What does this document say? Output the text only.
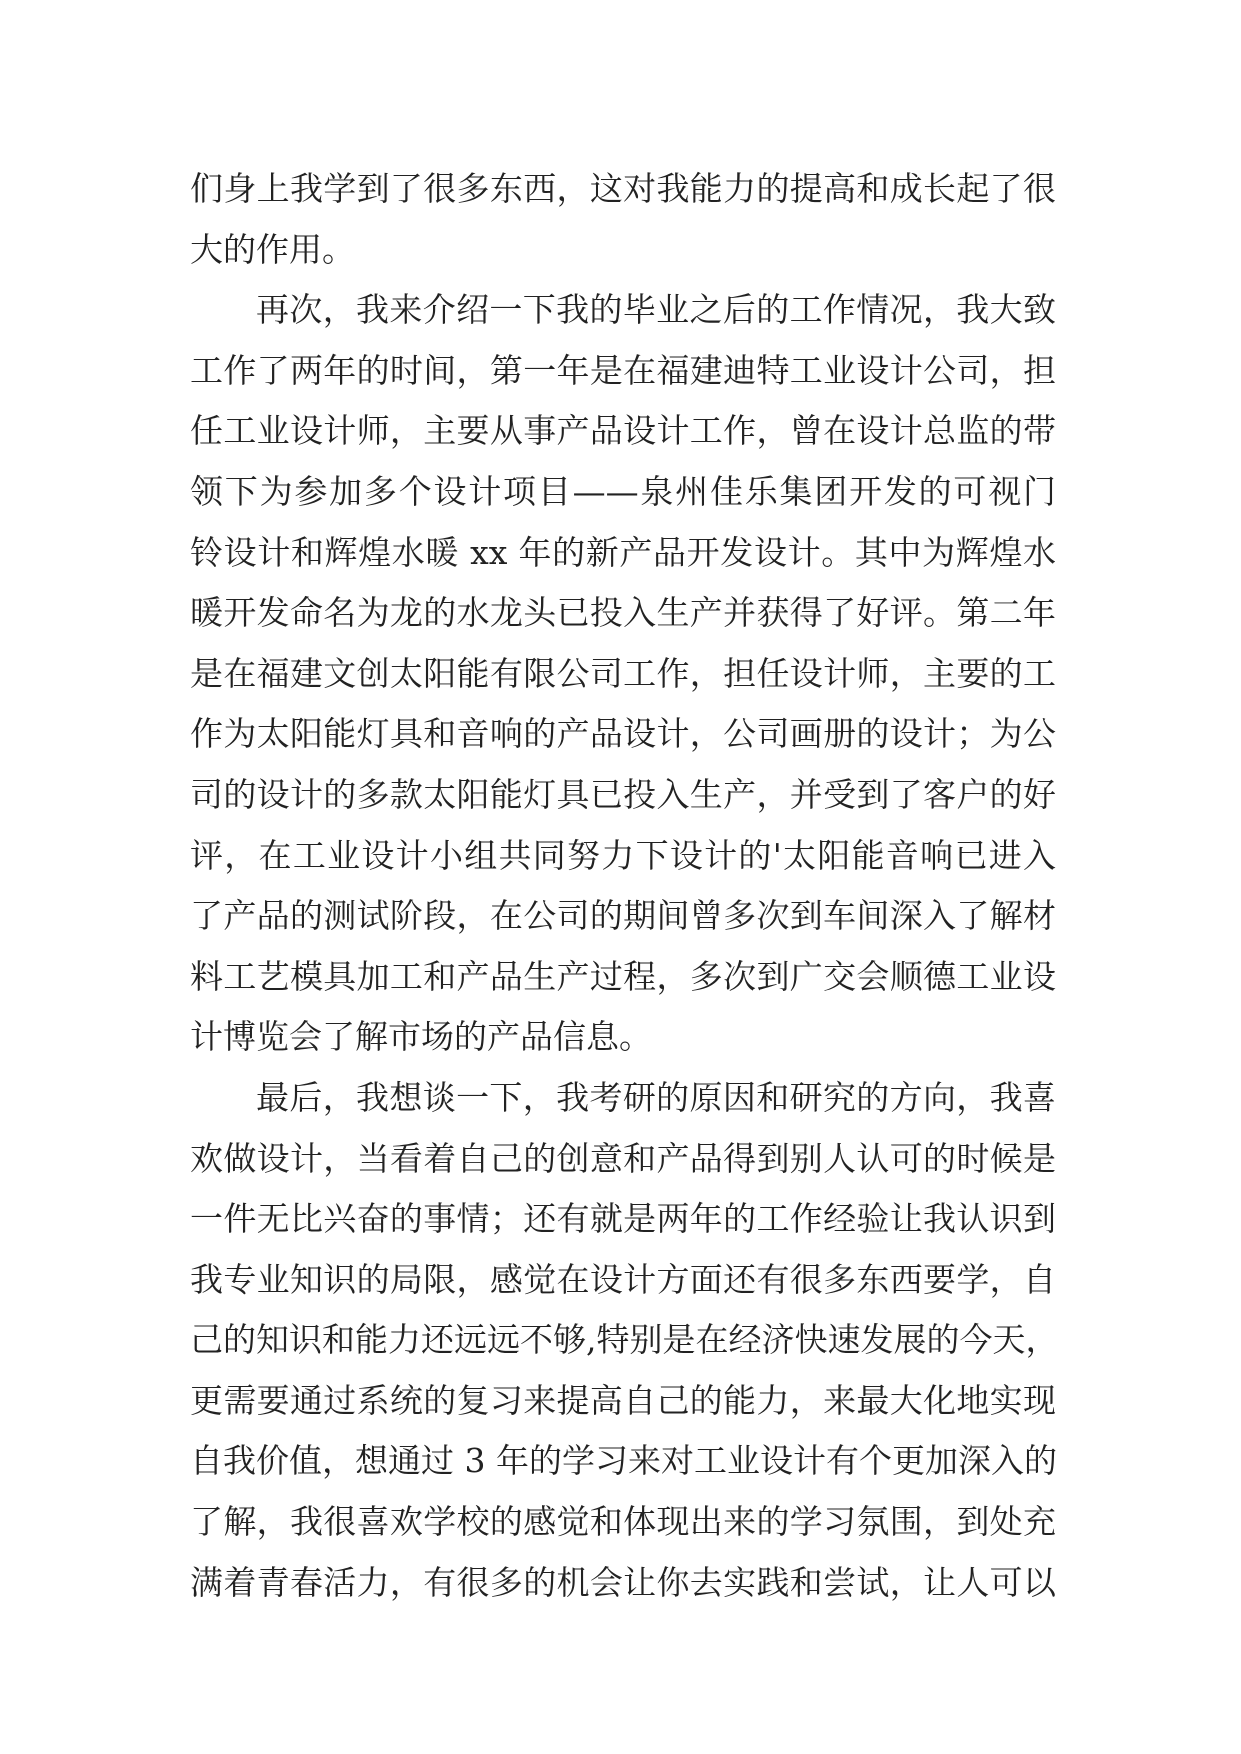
们身上我学到了很多东西，这对我能力的提高和成长起了很
大的作用。
再次，我来介绍一下我的毕业之后的工作情况，我大致
工作了两年的时间，第一年是在福建迪特工业设计公司，担
任工业设计师，主要从事产品设计工作，曾在设计总监的带
领下为参加多个设计项目——泉州佳乐集团开发的可视门
铃设计和辉煌水暖 xx 年的新产品开发设计。其中为辉煌水
暖开发命名为龙的水龙头已投入生产并获得了好评。第二年
是在福建文创太阳能有限公司工作，担任设计师，主要的工
作为太阳能灯具和音响的产品设计，公司画册的设计；为公
司的设计的多款太阳能灯具已投入生产，并受到了客户的好
评，在工业设计小组共同努力下设计的'太阳能音响已进入
了产品的测试阶段，在公司的期间曾多次到车间深入了解材
料工艺模具加工和产品生产过程，多次到广交会顺德工业设
计博览会了解市场的产品信息。
最后，我想谈一下，我考研的原因和研究的方向，我喜
欢做设计，当看着自己的创意和产品得到别人认可的时候是
一件无比兴奋的事情；还有就是两年的工作经验让我认识到
我专业知识的局限，感觉在设计方面还有很多东西要学，自
己的知识和能力还远远不够,特别是在经济快速发展的今天，
更需要通过系统的复习来提高自己的能力，来最大化地实现
自我价值，想通过 3 年的学习来对工业设计有个更加深入的
了解，我很喜欢学校的感觉和体现出来的学习氛围，到处充
满着青春活力，有很多的机会让你去实践和尝试，让人可以
